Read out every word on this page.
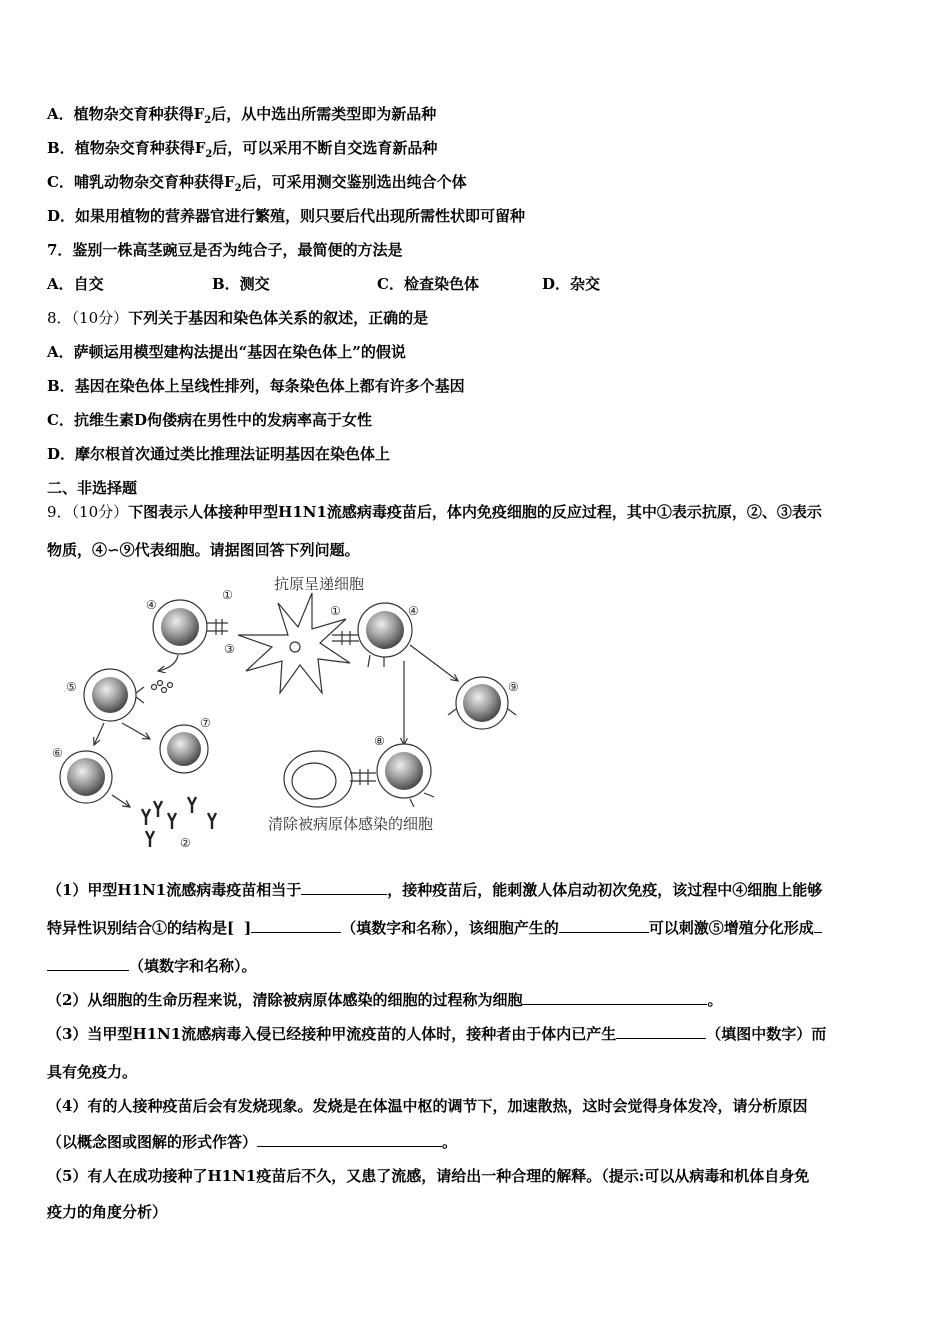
A．植物杂交育种获得$F_2$后，从中选出所需类型即为新品种
B．植物杂交育种获得$F_2$后，可以采用不断自交选育新品种
C．哺乳动物杂交育种获得$F_2$后，可采用测交鉴别选出纯合个体
D．如果用植物的营养器官进行繁殖，则只要后代出现所需性状即可留种
7．鉴别一株高茎豌豆是否为纯合子，最简便的方法是
A．自交	B．测交	C．检查染色体	D．杂交
8．（10分）下列关于基因和染色体关系的叙述，正确的是
A．萨顿运用模型建构法提出“基因在染色体上”的假说
B．基因在染色体上呈线性排列，每条染色体上都有许多个基因
C．抗维生素D佝偻病在男性中的发病率高于女性
D．摩尔根首次通过类比推理法证明基因在染色体上
二、非选择题
9．（10分）下图表示人体接种甲型H1N1流感病毒疫苗后，体内免疫细胞的反应过程，其中①表示抗原，②、③表示
物质，④∽⑨代表细胞。请据图回答下列问题。
①
①
②
③
④	④
⑤
⑥
⑦
⑧
⑨
抗原呈递细胞
清除被病原体感染的细胞
（1）甲型H1N1流感病毒疫苗相当于	，接种疫苗后，能刺激人体启动初次免疫，该过程中④细胞上能够
特异性识别结合①的结构是[ ]	（填数字和名称），该细胞产生的	可以刺激⑤增殖分化形成
（填数字和名称）。
（2）从细胞的生命历程来说，清除被病原体感染的细胞的过程称为细胞	。
（3）当甲型H1N1流感病毒入侵已经接种甲流疫苗的人体时，接种者由于体内已产生	（填图中数字）而
具有免疫力。
（4）有的人接种疫苗后会有发烧现象。发烧是在体温中枢的调节下，加速散热，这时会觉得身体发冷，请分析原因
（以概念图或图解的形式作答）	。
（5）有人在成功接种了H1N1疫苗后不久，又患了流感，请给出一种合理的解释。（提示:可以从病毒和机体自身免
疫力的角度分析）
